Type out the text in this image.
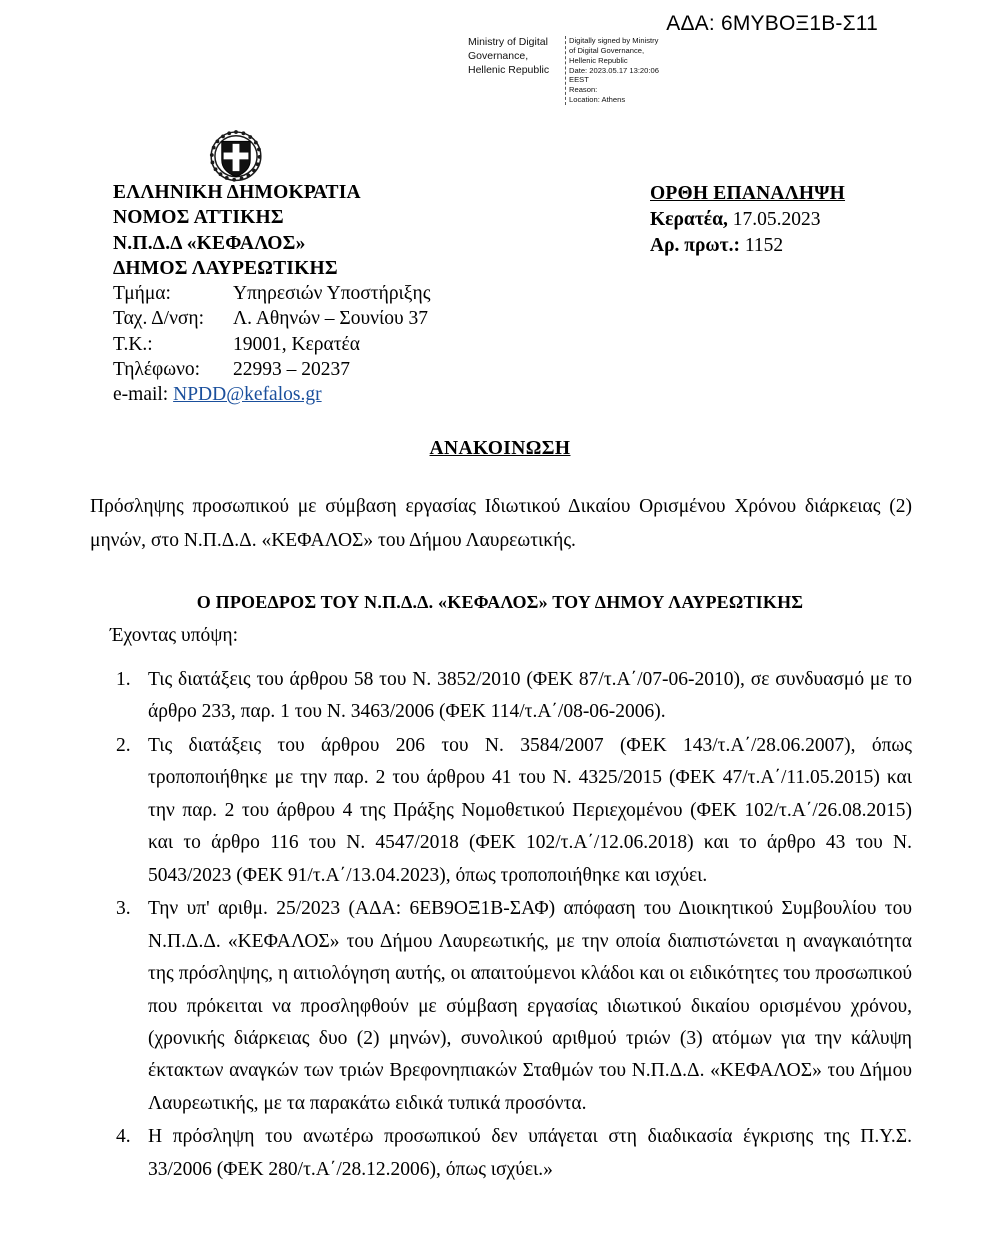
ΑΔΑ: 6ΜΥΒΟΞ1Β-Σ11
Ministry of Digital Governance, Hellenic Republic
Digitally signed by Ministry
of Digital Governance,
Hellenic Republic
Date: 2023.05.17 13:20:06
EEST
Reason:
Location: Athens
ΕΛΛΗΝΙΚΗ ΔΗΜΟΚΡΑΤΙΑ
ΝΟΜΟΣ ΑΤΤΙΚΗΣ
Ν.Π.Δ.Δ «ΚΕΦΑΛΟΣ»
ΔΗΜΟΣ ΛΑΥΡΕΩΤΙΚΗΣ
Τμήμα:	Υπηρεσιών Υποστήριξης
Ταχ. Δ/νση:	Λ. Αθηνών – Σουνίου 37
Τ.Κ.:	19001, Κερατέα
Τηλέφωνο:	22993 – 20237
e-mail: NPDD@kefalos.gr
ΟΡΘΗ ΕΠΑΝΑΛΗΨΗ
Κερατέα, 17.05.2023
Αρ. πρωτ.: 1152
ΑΝΑΚΟΙΝΩΣΗ
Πρόσληψης προσωπικού με σύμβαση εργασίας Ιδιωτικού Δικαίου Ορισμένου Χρόνου διάρκειας (2) μηνών, στο Ν.Π.Δ.Δ. «ΚΕΦΑΛΟΣ» του Δήμου Λαυρεωτικής.
Ο ΠΡΟΕΔΡΟΣ ΤΟΥ Ν.Π.Δ.Δ. «ΚΕΦΑΛΟΣ» ΤΟΥ ΔΗΜΟΥ ΛΑΥΡΕΩΤΙΚΗΣ
Έχοντας υπόψη:
1. Τις διατάξεις του άρθρου 58 του Ν. 3852/2010 (ΦΕΚ 87/τ.Α΄/07-06-2010), σε συνδυασμό με το άρθρο 233, παρ. 1 του Ν. 3463/2006 (ΦΕΚ 114/τ.Α΄/08-06-2006).
2. Τις διατάξεις του άρθρου 206 του Ν. 3584/2007 (ΦΕΚ 143/τ.Α΄/28.06.2007), όπως τροποποιήθηκε με την παρ. 2 του άρθρου 41 του Ν. 4325/2015 (ΦΕΚ 47/τ.Α΄/11.05.2015) και την παρ. 2 του άρθρου 4 της Πράξης Νομοθετικού Περιεχομένου (ΦΕΚ 102/τ.Α΄/26.08.2015) και το άρθρο 116 του Ν. 4547/2018 (ΦΕΚ 102/τ.Α΄/12.06.2018) και το άρθρο 43 του Ν. 5043/2023 (ΦΕΚ 91/τ.Α΄/13.04.2023), όπως τροποποιήθηκε και ισχύει.
3. Την υπ' αριθμ. 25/2023 (ΑΔΑ: 6ΕΒ9ΟΞ1Β-ΣΑΦ) απόφαση του Διοικητικού Συμβουλίου του Ν.Π.Δ.Δ. «ΚΕΦΑΛΟΣ» του Δήμου Λαυρεωτικής, με την οποία διαπιστώνεται η αναγκαιότητα της πρόσληψης, η αιτιολόγηση αυτής, οι απαιτούμενοι κλάδοι και οι ειδικότητες του προσωπικού που πρόκειται να προσληφθούν με σύμβαση εργασίας ιδιωτικού δικαίου ορισμένου χρόνου, (χρονικής διάρκειας δυο (2) μηνών), συνολικού αριθμού τριών (3) ατόμων για την κάλυψη έκτακτων αναγκών των τριών Βρεφονηπιακών Σταθμών του Ν.Π.Δ.Δ. «ΚΕΦΑΛΟΣ» του Δήμου Λαυρεωτικής, με τα παρακάτω ειδικά τυπικά προσόντα.
4. Η πρόσληψη του ανωτέρω προσωπικού δεν υπάγεται στη διαδικασία έγκρισης της Π.Υ.Σ. 33/2006 (ΦΕΚ 280/τ.Α΄/28.12.2006), όπως ισχύει.»
